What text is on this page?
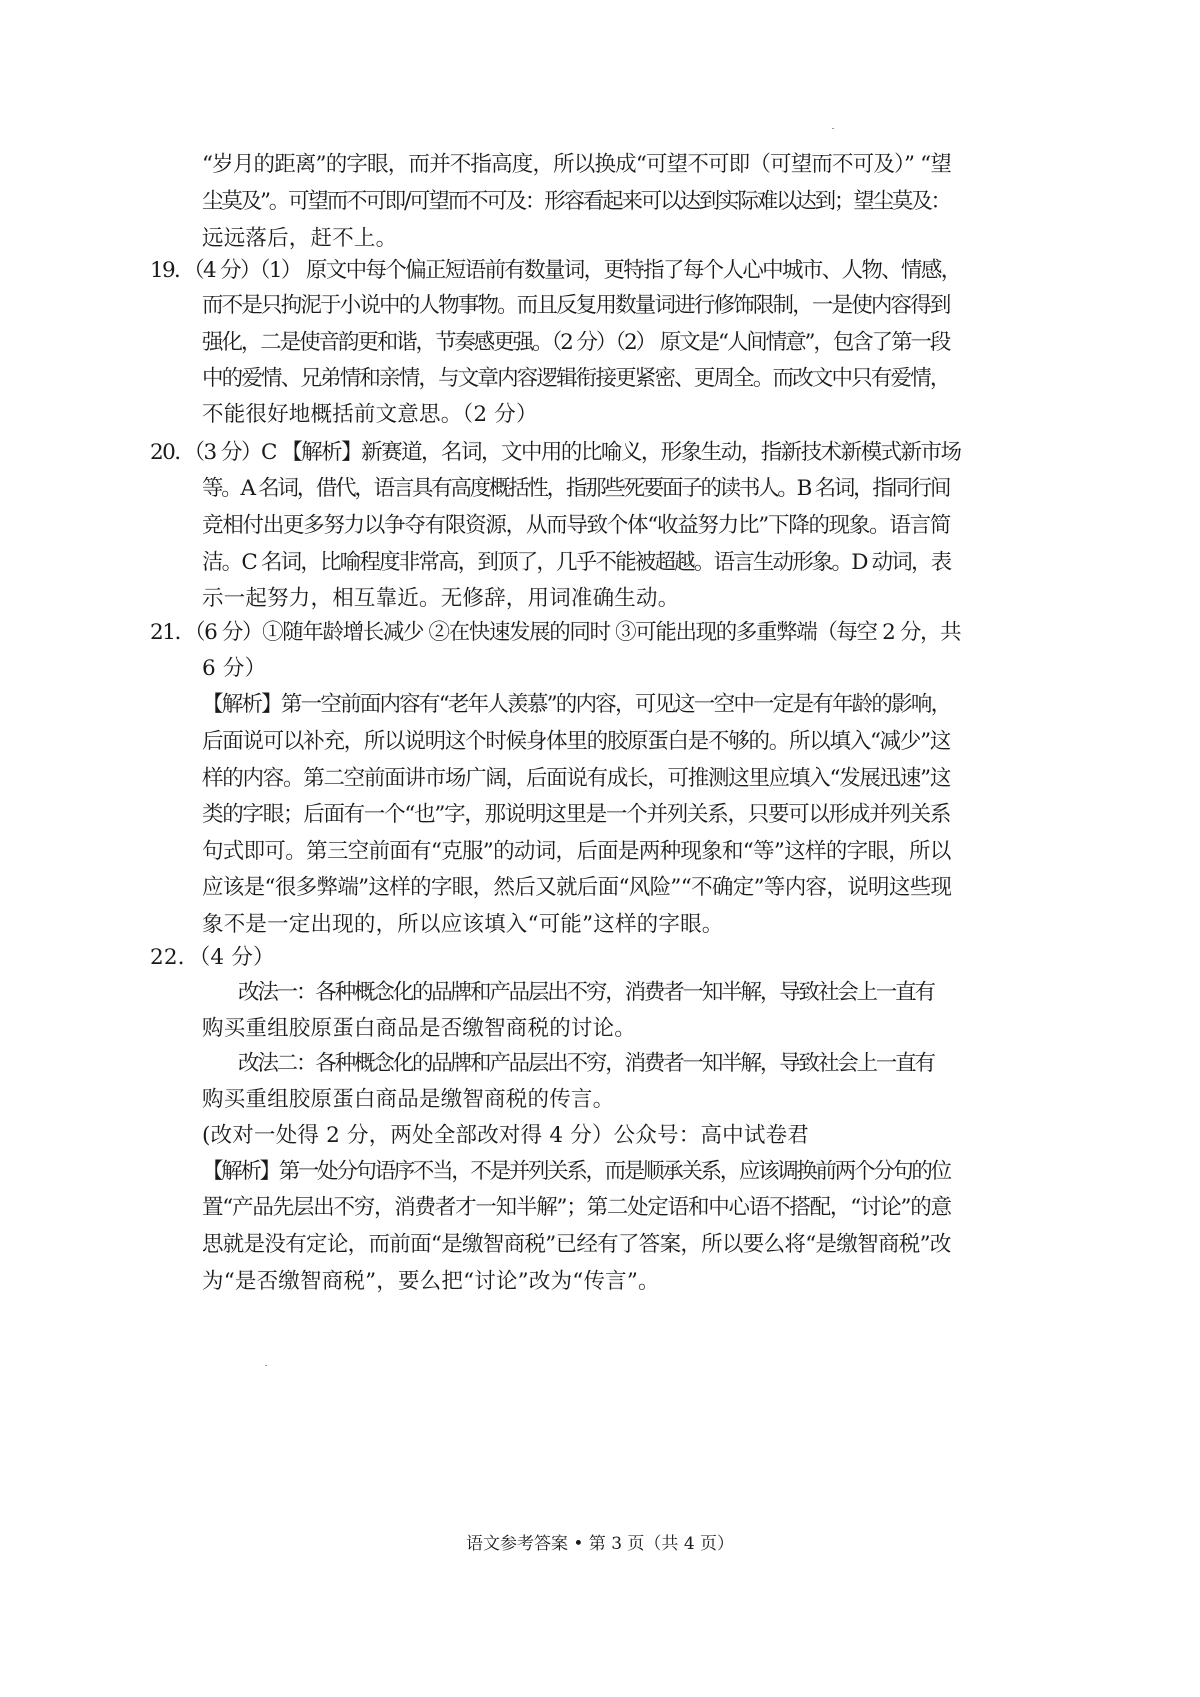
“岁月的距离”的字眼，而并不指高度，所以换成“可望不可即（可望而不可及）” “望
尘莫及”。可望而不可即/可望而不可及：形容看起来可以达到实际难以达到；望尘莫及：
远远落后，赶不上。
19．（4 分）（1） 原文中每个偏正短语前有数量词，更特指了每个人心中城市、人物、情感，
而不是只拘泥于小说中的人物事物。而且反复用数量词进行修饰限制，一是使内容得到
强化，二是使音韵更和谐，节奏感更强。（2 分）（2） 原文是“人间情意”，包含了第一段
中的爱情、兄弟情和亲情，与文章内容逻辑衔接更紧密、更周全。而改文中只有爱情，
不能很好地概括前文意思。（2 分）
20．（3 分）C 【解析】新赛道，名词，文中用的比喻义，形象生动，指新技术新模式新市场
等。A 名词，借代，语言具有高度概括性，指那些死要面子的读书人。B 名词，指同行间
竞相付出更多努力以争夺有限资源，从而导致个体“收益努力比”下降的现象。语言简
洁。C 名词，比喻程度非常高，到顶了，几乎不能被超越。语言生动形象。D 动词，表
示一起努力，相互靠近。无修辞，用词准确生动。
21．（6 分）①随年龄增长减少 ②在快速发展的同时 ③可能出现的多重弊端（每空 2 分，共
6 分）
【解析】第一空前面内容有“老年人羡慕”的内容，可见这一空中一定是有年龄的影响，
后面说可以补充，所以说明这个时候身体里的胶原蛋白是不够的。所以填入“减少”这
样的内容。第二空前面讲市场广阔，后面说有成长，可推测这里应填入“发展迅速”这
类的字眼；后面有一个“也”字，那说明这里是一个并列关系，只要可以形成并列关系
句式即可。第三空前面有“克服”的动词，后面是两种现象和“等”这样的字眼，所以
应该是“很多弊端”这样的字眼，然后又就后面“风险”“不确定”等内容，说明这些现
象不是一定出现的，所以应该填入“可能”这样的字眼。
22．（4 分）
改法一：各种概念化的品牌和产品层出不穷，消费者一知半解，导致社会上一直有
购买重组胶原蛋白商品是否缴智商税的讨论。
改法二：各种概念化的品牌和产品层出不穷，消费者一知半解，导致社会上一直有
购买重组胶原蛋白商品是缴智商税的传言。
(改对一处得 2 分，两处全部改对得 4 分）公众号：高中试卷君
【解析】第一处分句语序不当，不是并列关系，而是顺承关系，应该调换前两个分句的位
置“产品先层出不穷，消费者才一知半解”；第二处定语和中心语不搭配，“讨论”的意
思就是没有定论，而前面“是缴智商税”已经有了答案，所以要么将“是缴智商税”改
为“是否缴智商税”，要么把“讨论”改为“传言”。
语文参考答案 • 第 3 页（共 4 页）
